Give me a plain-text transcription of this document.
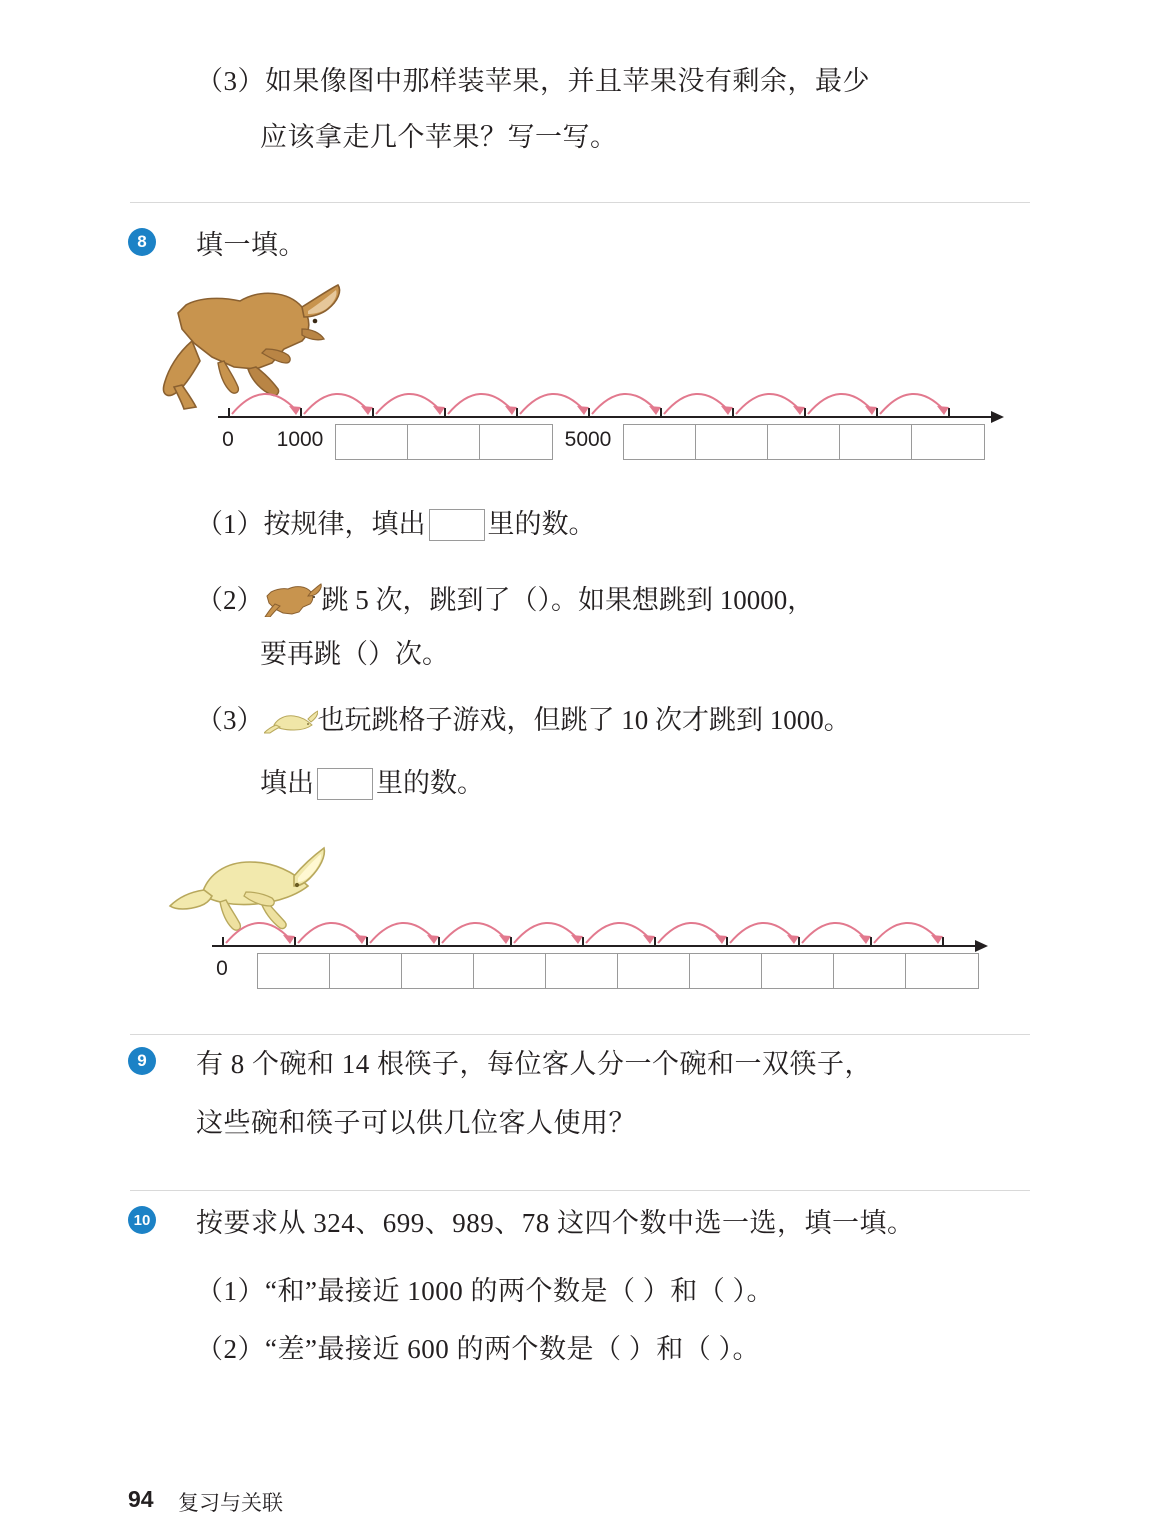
（3）如果像图中那样装苹果，并且苹果没有剩余，最少
应该拿走几个苹果？写一写。
8	填一填。
0 1000	5000
（1）按规律，填出 里的数。
（2） 跳 5 次，跳到了（）。如果想跳到 10000，
要再跳（）次。
（3） 也玩跳格子游戏，但跳了 10 次才跳到 1000。
填出 里的数。
0
9	有 8 个碗和 14 根筷子，每位客人分一个碗和一双筷子，
这些碗和筷子可以供几位客人使用？
10 按要求从 324、699、989、78 这四个数中选一选，填一填。
（1）“和”最接近 1000 的两个数是（ ）和（ ）。
（2）“差”最接近 600 的两个数是（ ）和（ ）。
94 复习与关联
